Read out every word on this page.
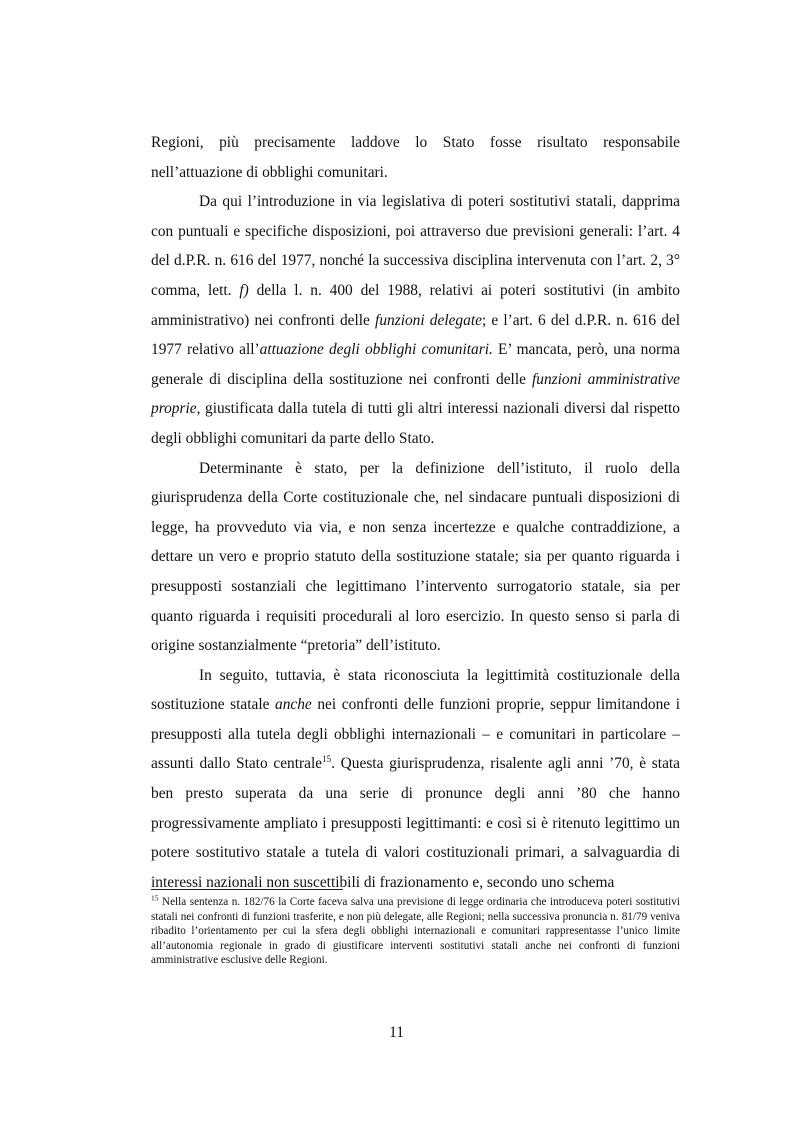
Regioni, più precisamente laddove lo Stato fosse risultato responsabile nell’attuazione di obblighi comunitari.

Da qui l’introduzione in via legislativa di poteri sostitutivi statali, dapprima con puntuali e specifiche disposizioni, poi attraverso due previsioni generali: l’art. 4 del d.P.R. n. 616 del 1977, nonché la successiva disciplina intervenuta con l’art. 2, 3° comma, lett. f) della l. n. 400 del 1988, relativi ai poteri sostitutivi (in ambito amministrativo) nei confronti delle funzioni delegate; e l’art. 6 del d.P.R. n. 616 del 1977 relativo all’attuazione degli obblighi comunitari. E’ mancata, però, una norma generale di disciplina della sostituzione nei confronti delle funzioni amministrative proprie, giustificata dalla tutela di tutti gli altri interessi nazionali diversi dal rispetto degli obblighi comunitari da parte dello Stato.

Determinante è stato, per la definizione dell’istituto, il ruolo della giurisprudenza della Corte costituzionale che, nel sindacare puntuali disposizioni di legge, ha provveduto via via, e non senza incertezze e qualche contraddizione, a dettare un vero e proprio statuto della sostituzione statale; sia per quanto riguarda i presupposti sostanziali che legittimano l’intervento surrogatorio statale, sia per quanto riguarda i requisiti procedurali al loro esercizio. In questo senso si parla di origine sostanzialmente “pretoria” dell’istituto.

In seguito, tuttavia, è stata riconosciuta la legittimità costituzionale della sostituzione statale anche nei confronti delle funzioni proprie, seppur limitandone i presupposti alla tutela degli obblighi internazionali – e comunitari in particolare – assunti dallo Stato centrale$^{15}$. Questa giurisprudenza, risalente agli anni ’70, è stata ben presto superata da una serie di pronunce degli anni ’80 che hanno progressivamente ampliato i presupposti legittimanti: e così si è ritenuto legittimo un potere sostitutivo statale a tutela di valori costituzionali primari, a salvaguardia di interessi nazionali non suscettibili di frazionamento e, secondo uno schema

$^{15}$ Nella sentenza n. 182/76 la Corte faceva salva una previsione di legge ordinaria che introduceva poteri sostitutivi statali nei confronti di funzioni trasferite, e non più delegate, alle Regioni; nella successiva pronuncia n. 81/79 veniva ribadito l’orientamento per cui la sfera degli obblighi internazionali e comunitari rappresentasse l’unico limite all’autonomia regionale in grado di giustificare interventi sostitutivi statali anche nei confronti di funzioni amministrative esclusive delle Regioni.

11
